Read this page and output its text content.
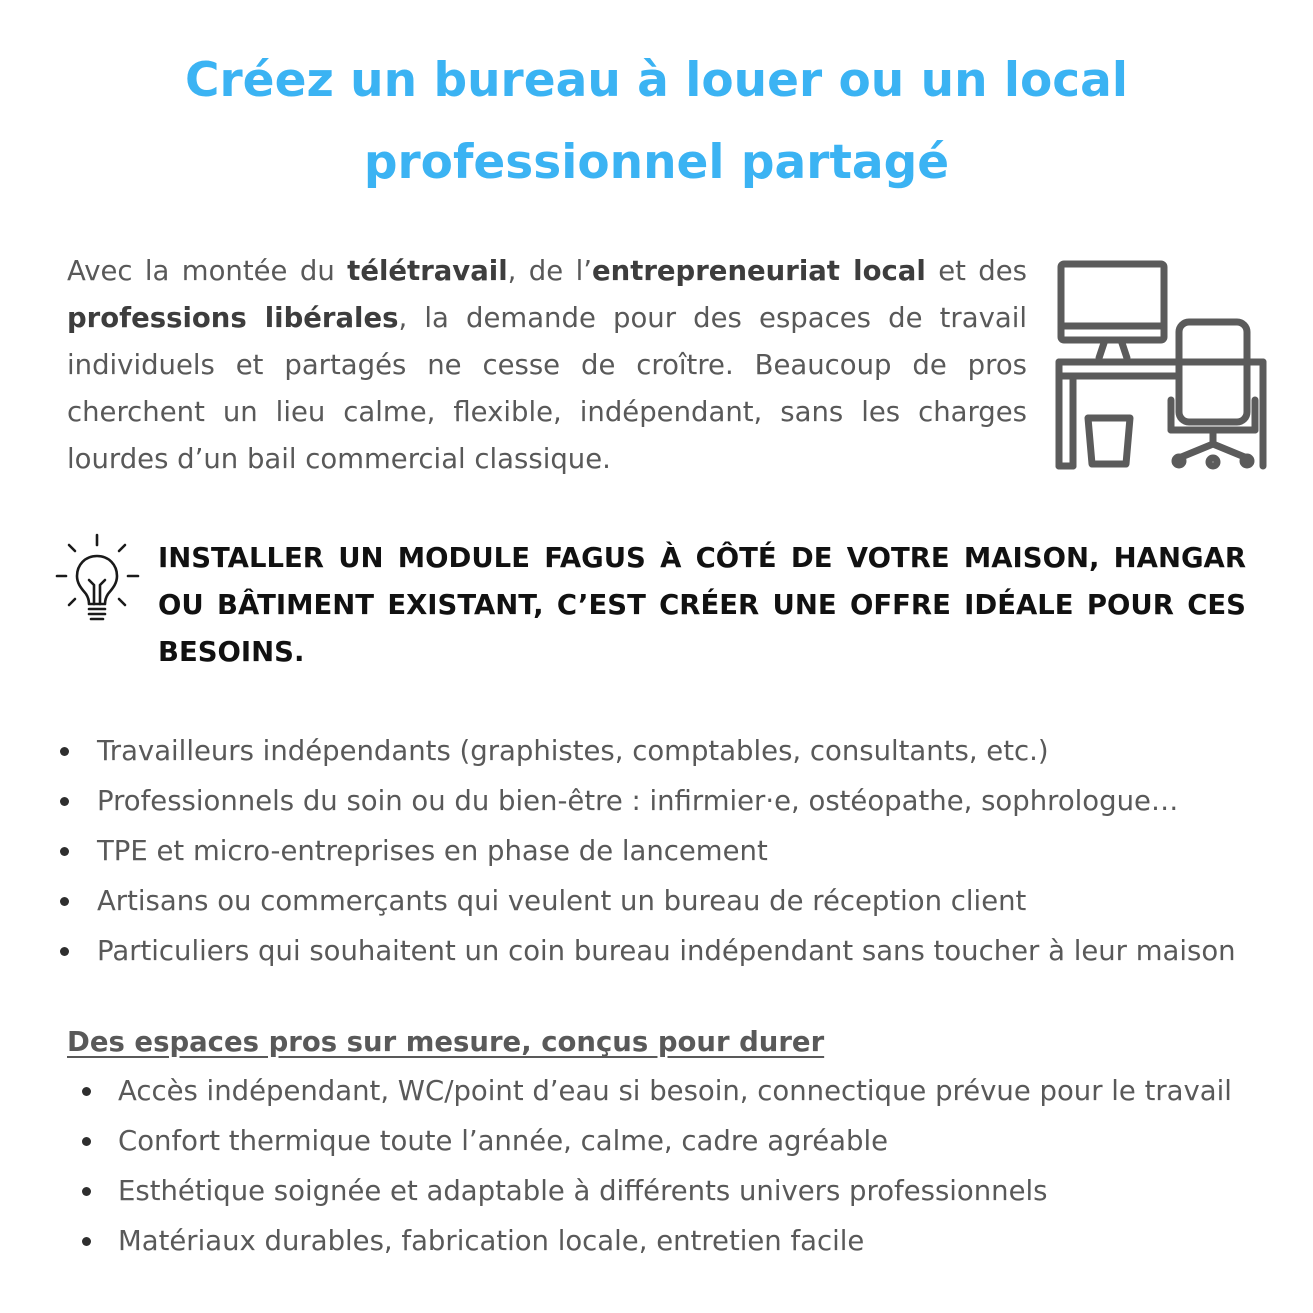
Créez un bureau à louer ou un local
professionnel partagé

Avec la montée du télétravail, de l’entrepreneuriat local et des professions libérales, la demande pour des espaces de travail individuels et partagés ne cesse de croître. Beaucoup de pros cherchent un lieu calme, flexible, indépendant, sans les charges lourdes d’un bail commercial classique.

INSTALLER UN MODULE FAGUS À CÔTÉ DE VOTRE MAISON, HANGAR OU BÂTIMENT EXISTANT, C’EST CRÉER UNE OFFRE IDÉALE POUR CES BESOINS.

Travailleurs indépendants (graphistes, comptables, consultants, etc.)
Professionnels du soin ou du bien-être : infirmier·e, ostéopathe, sophrologue…
TPE et micro-entreprises en phase de lancement
Artisans ou commerçants qui veulent un bureau de réception client
Particuliers qui souhaitent un coin bureau indépendant sans toucher à leur maison
Des espaces pros sur mesure, conçus pour durer
Accès indépendant, WC/point d’eau si besoin, connectique prévue pour le travail
Confort thermique toute l’année, calme, cadre agréable
Esthétique soignée et adaptable à différents univers professionnels
Matériaux durables, fabrication locale, entretien facile
